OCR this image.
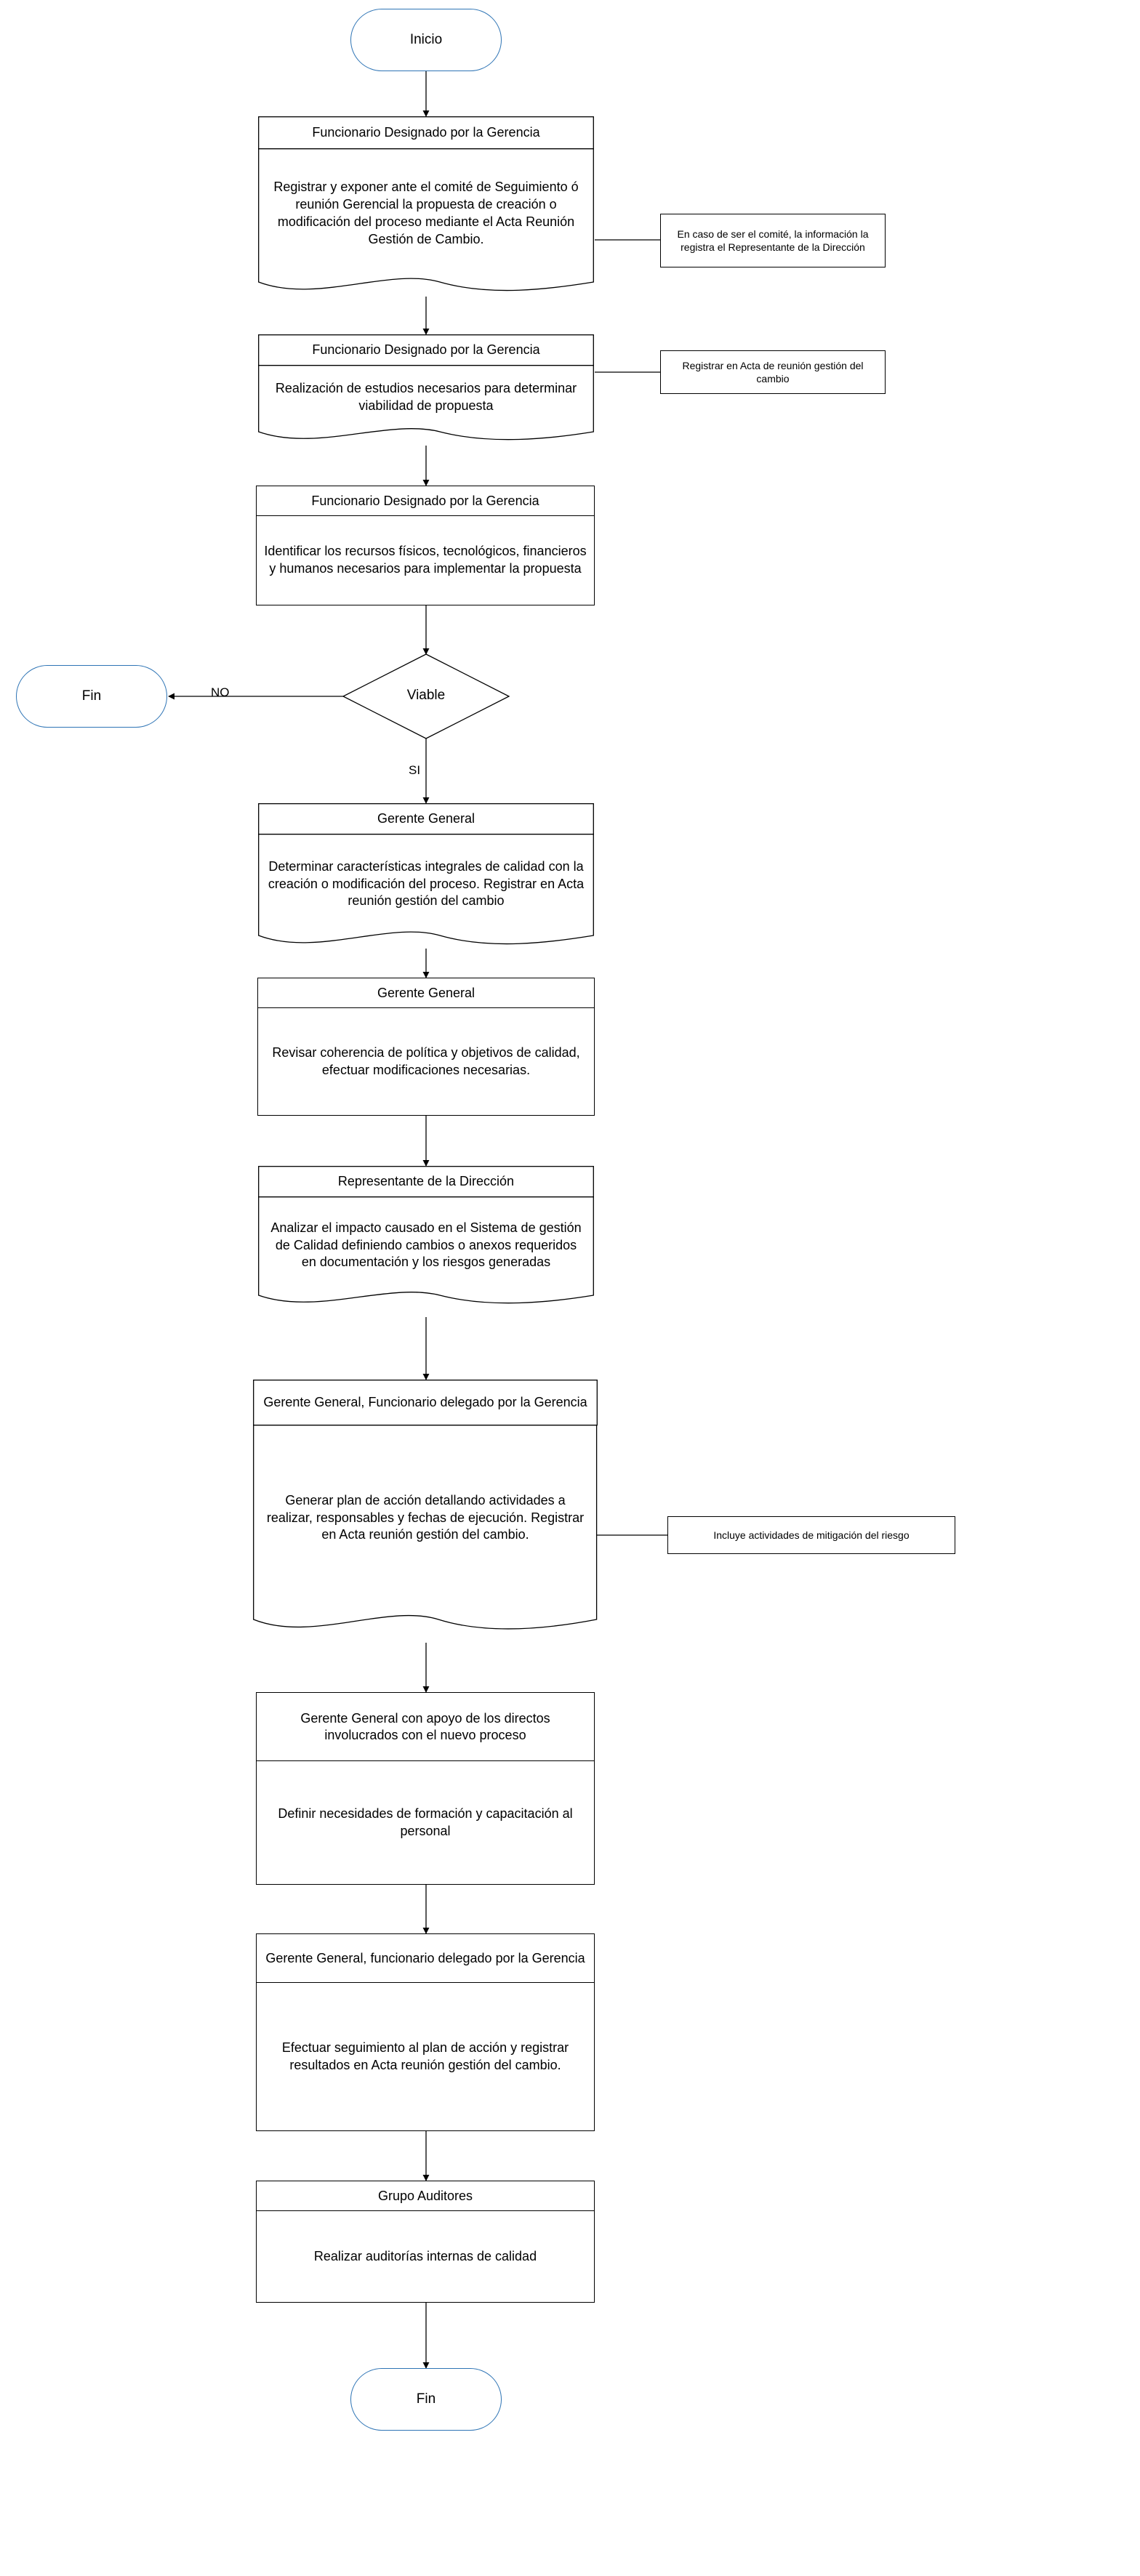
Inicio
Funcionario Designado por la Gerencia
Registrar y exponer ante el comité de Seguimiento ó reunión Gerencial la propuesta de creación o modificación del proceso mediante el Acta Reunión Gestión de Cambio.	En caso de ser el comité, la información la registra el Representante de la Dirección
Funcionario Designado por la Gerencia
Realización de estudios necesarios para determinar viabilidad de propuesta
Registrar en Acta de reunión gestión del cambio
Funcionario Designado por la Gerencia
Identificar los recursos físicos, tecnológicos, financieros y humanos necesarios para implementar la propuesta
Viable
NO
SI
Fin
Gerente General
Determinar características integrales de calidad con la creación o modificación del proceso. Registrar en Acta reunión gestión del cambio
Gerente General
Revisar coherencia de política y objetivos de calidad, efectuar modificaciones necesarias.
Representante de la Dirección
Analizar el impacto causado en el Sistema de gestión de Calidad definiendo cambios o anexos requeridos en documentación y los riesgos generadas
Gerente General, Funcionario delegado por la Gerencia
Generar plan de acción detallando actividades a realizar, responsables y fechas de ejecución. Registrar en Acta reunión gestión del cambio.	Incluye actividades de mitigación del riesgo
Gerente General con apoyo de los directos involucrados con el nuevo proceso
Definir necesidades de formación y capacitación al personal
Gerente General, funcionario delegado por la Gerencia
Efectuar seguimiento al plan de acción y registrar resultados en Acta reunión gestión del cambio.
Grupo Auditores
Realizar auditorías internas de calidad
Fin
